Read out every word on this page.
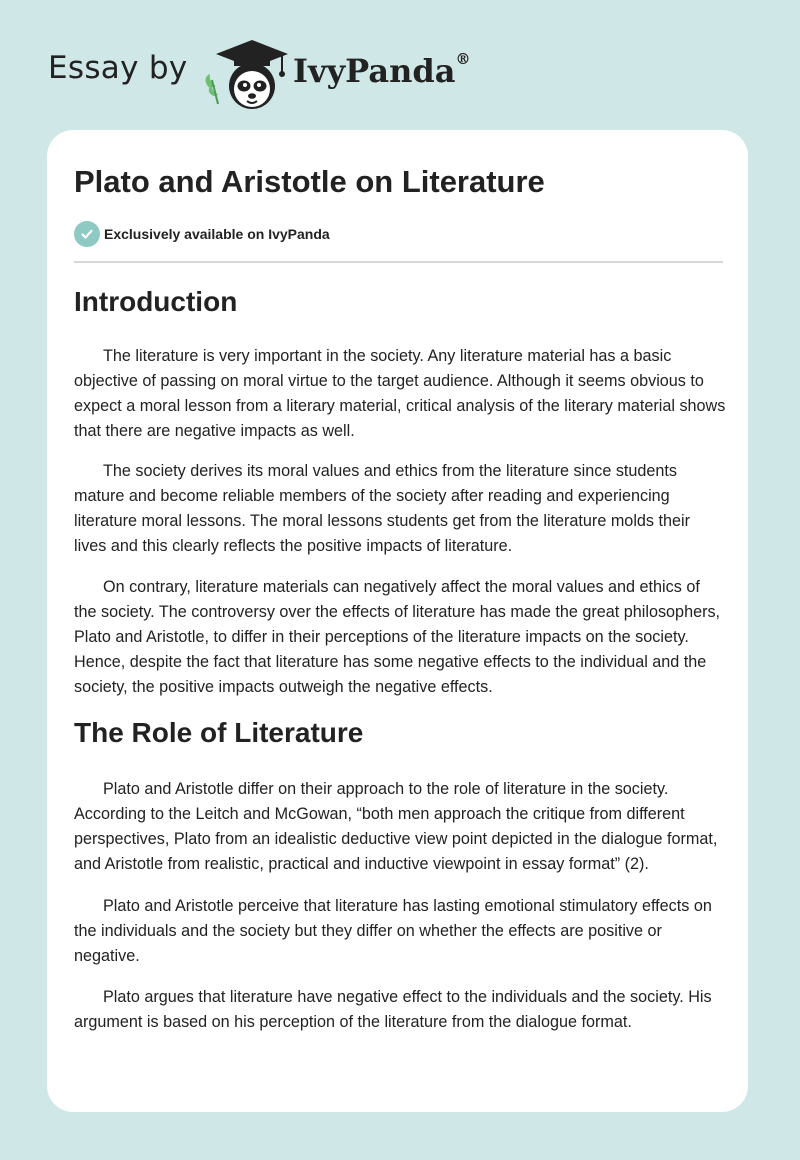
Essay by	IvyPanda®
Plato and Aristotle on Literature
Exclusively available on IvyPanda
Introduction

The literature is very important in the society. Any literature material has a basic objective of passing on moral virtue to the target audience. Although it seems obvious to expect a moral lesson from a literary material, critical analysis of the literary material shows that there are negative impacts as well.

The society derives its moral values and ethics from the literature since students mature and become reliable members of the society after reading and experiencing literature moral lessons. The moral lessons students get from the literature molds their lives and this clearly reflects the positive impacts of literature.

On contrary, literature materials can negatively affect the moral values and ethics of the society. The controversy over the effects of literature has made the great philosophers, Plato and Aristotle, to differ in their perceptions of the literature impacts on the society. Hence, despite the fact that literature has some negative effects to the individual and the society, the positive impacts outweigh the negative effects.

The Role of Literature

Plato and Aristotle differ on their approach to the role of literature in the society. According to the Leitch and McGowan, “both men approach the critique from different perspectives, Plato from an idealistic deductive view point depicted in the dialogue format, and Aristotle from realistic, practical and inductive viewpoint in essay format” (2).

Plato and Aristotle perceive that literature has lasting emotional stimulatory effects on the individuals and the society but they differ on whether the effects are positive or negative.

Plato argues that literature have negative effect to the individuals and the society. His argument is based on his perception of the literature from the dialogue format.
